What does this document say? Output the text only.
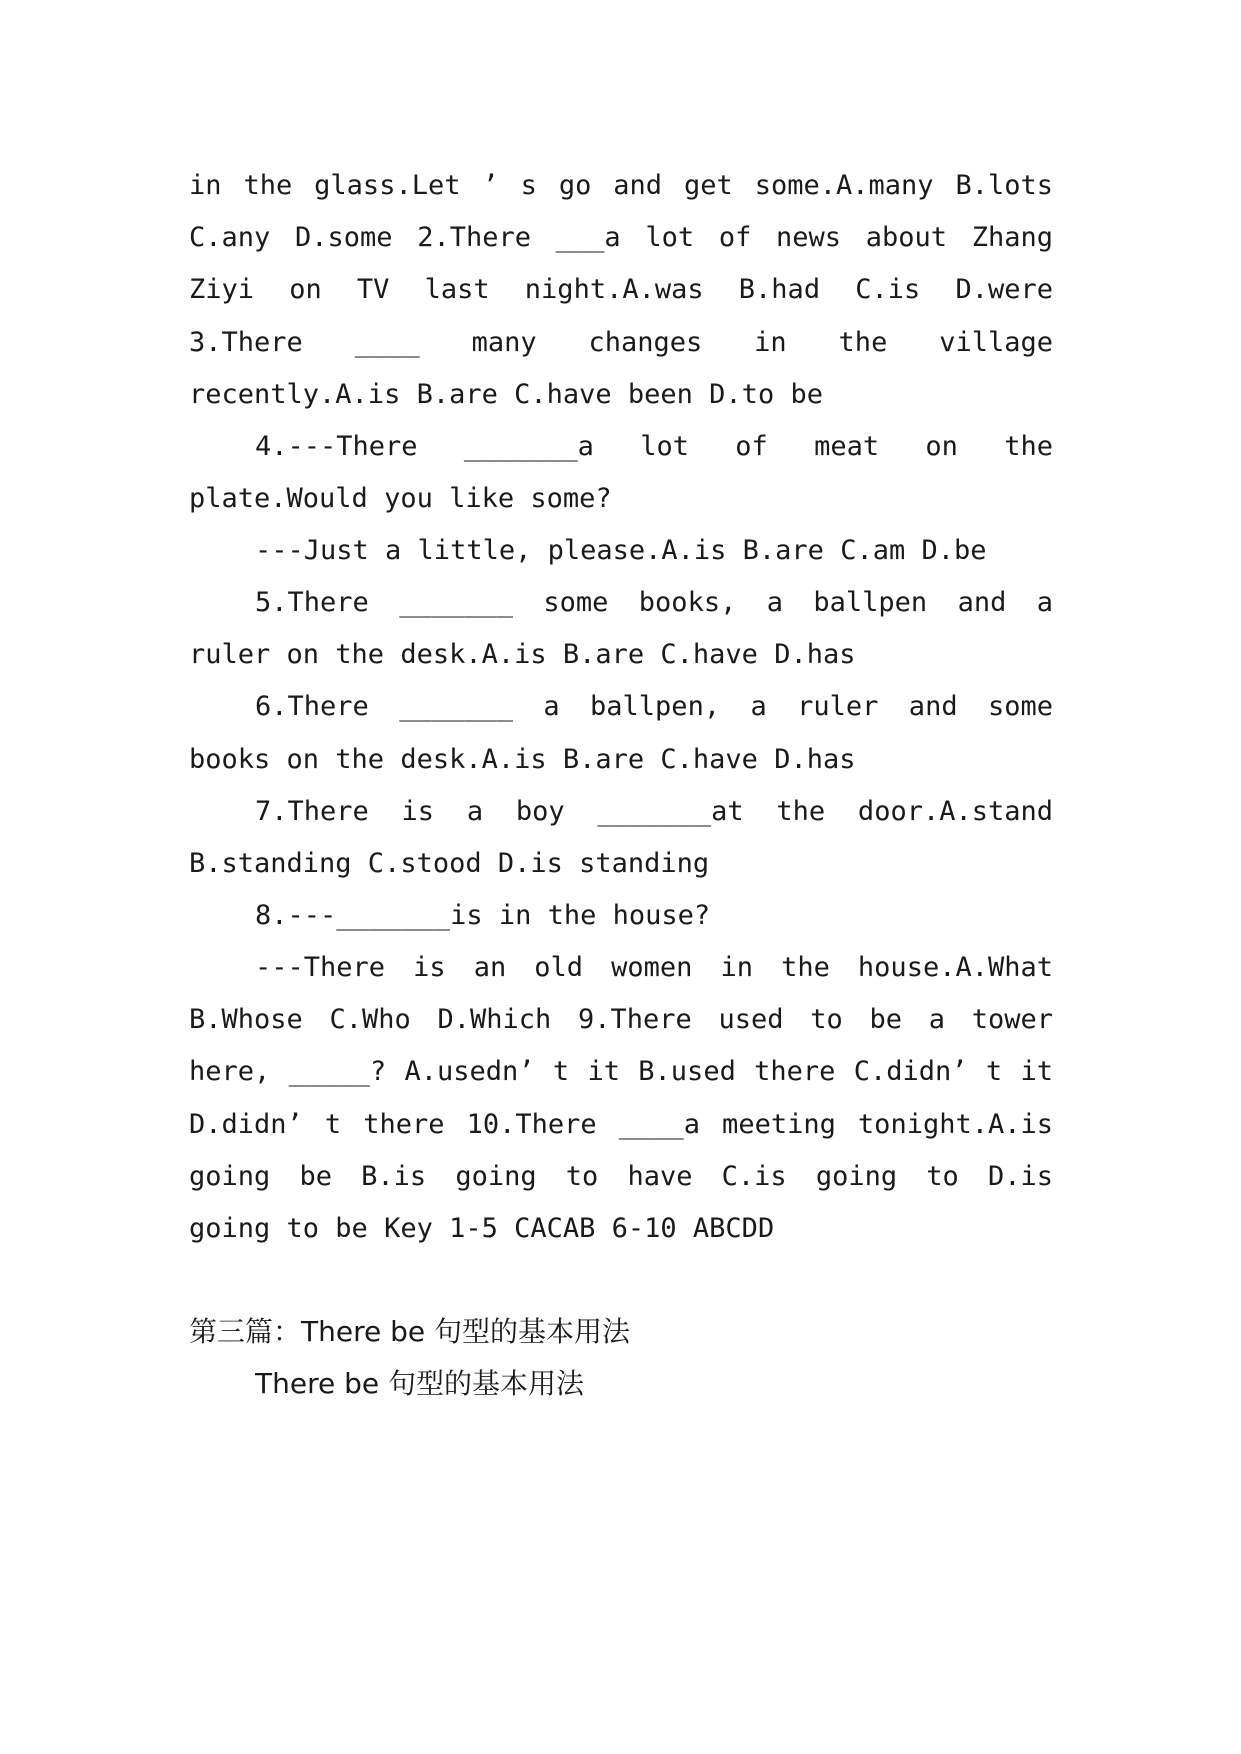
in the glass.Let ’ s go and get some.A.many B.lots
C.any D.some 2.There ___a lot of news about Zhang
Ziyi on TV last night.A.was B.had C.is D.were
3.There ____ many changes in the village
recently.A.is B.are C.have been D.to be
4.---There _______a lot of meat on the
plate.Would you like some?
---Just a little, please.A.is B.are C.am D.be
5.There _______ some books, a ballpen and a
ruler on the desk.A.is B.are C.have D.has
6.There _______ a ballpen, a ruler and some
books on the desk.A.is B.are C.have D.has
7.There is a boy _______at the door.A.stand
B.standing C.stood D.is standing
8.---_______is in the house?
---There is an old women in the house.A.What
B.Whose C.Who D.Which 9.There used to be a tower
here, _____? A.usedn’ t it B.used there C.didn’ t it
D.didn’ t there 10.There ____a meeting tonight.A.is
going be B.is going to have C.is going to D.is
going to be Key 1-5 CACAB 6-10 ABCDD
第三篇：There be 句型的基本用法
There be 句型的基本用法
